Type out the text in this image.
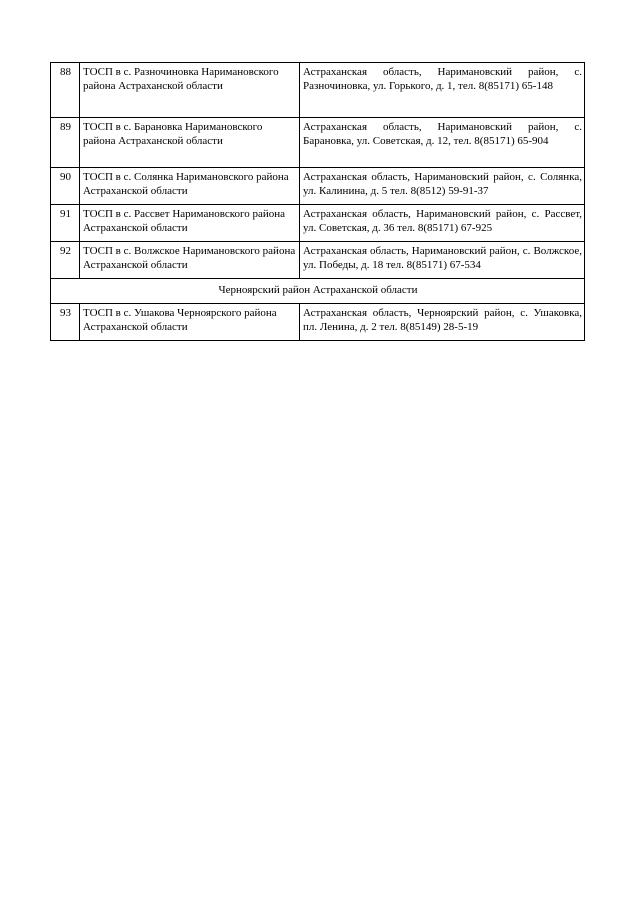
88	ТОСП в с. Разночиновка Наримановского района Астраханской области	Астраханская область, Наримановский район, с. Разночиновка, ул. Горького, д. 1, тел. 8(85171) 65-148
89	ТОСП в с. Барановка Наримановского района Астраханской области	Астраханская область, Наримановский район, с. Барановка, ул. Советская, д. 12, тел. 8(85171) 65-904
90	ТОСП в с. Солянка Наримановского района Астраханской области	Астраханская область, Наримановский район, с. Солянка, ул. Калинина, д. 5 тел. 8(8512) 59-91-37
91	ТОСП в с. Рассвет Наримановского района Астраханской области	Астраханская область, Наримановский район, с. Рассвет, ул. Советская, д. 36 тел. 8(85171) 67-925
92	ТОСП в с. Волжское Наримановского района Астраханской области	Астраханская область, Наримановский район, с. Волжское, ул. Победы, д. 18 тел. 8(85171) 67-534
Черноярский район Астраханской области		
93	ТОСП в с. Ушакова Черноярского района Астраханской области	Астраханская область, Черноярский район, с. Ушаковка, пл. Ленина, д. 2 тел. 8(85149) 28-5-19
